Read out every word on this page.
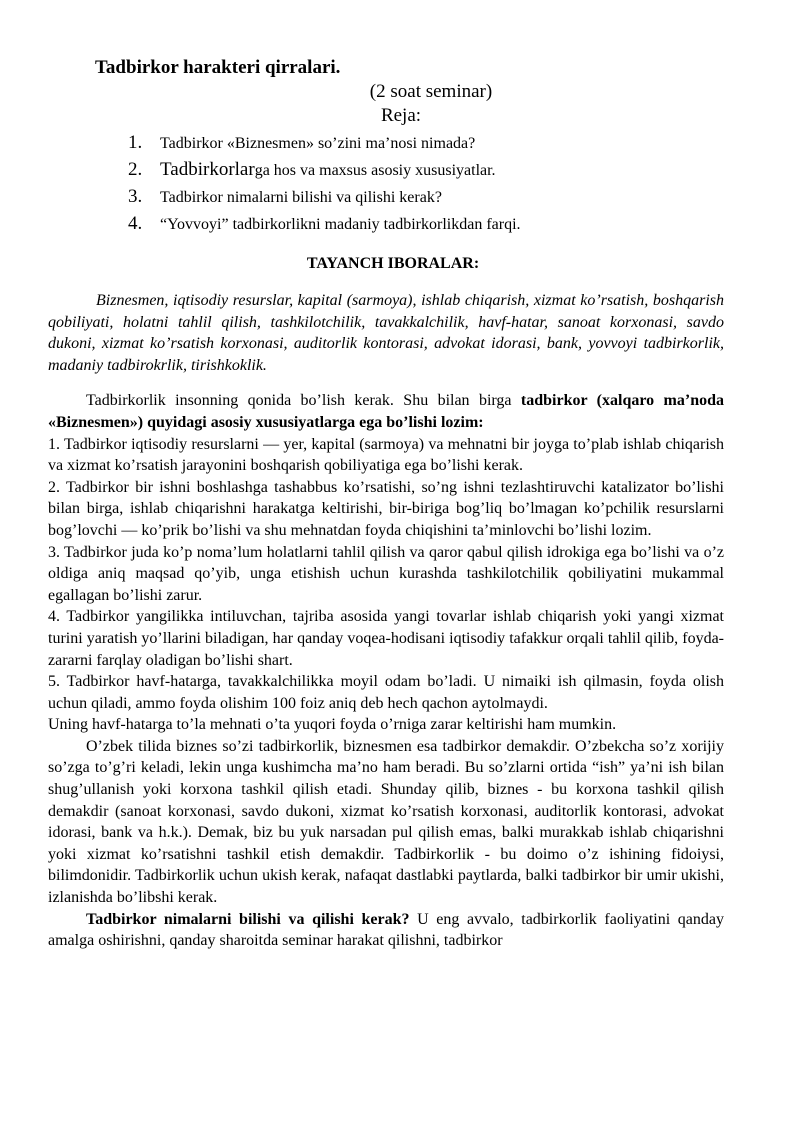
Tadbirkor harakteri qirralari.

(2 soat seminar)

Reja:

1.	Tadbirkor «Biznesmen» so’zini ma’nosi nimada?
2. Tadbirkorlarga hos va maxsus asosiy xususiyatlar.
3.	Tadbirkor nimalarni bilishi va qilishi kerak?
4.	“Yovvoyi” tadbirkorlikni madaniy tadbirkorlikdan farqi.
TAYANCH IBORALAR:

Biznesmen, iqtisodiy resurslar, kapital (sarmoya), ishlab chiqarish, xizmat ko’rsatish, boshqarish qobiliyati, holatni tahlil qilish, tashkilotchilik, tavakkalchilik, havf-hatar, sanoat korxonasi, savdo dukoni, xizmat ko’rsatish korxonasi, auditorlik kontorasi, advokat idorasi, bank, yovvoyi tadbirkorlik, madaniy tadbirokrlik, tirishkoklik.

Tadbirkorlik insonning qonida bo’lish kerak. Shu bilan birga tadbirkor (xalqaro ma’noda «Biznesmen») quyidagi asosiy xususiyatlarga ega bo’lishi lozim:

1. Tadbirkor iqtisodiy resurslarni — yer, kapital (sarmoya) va mehnatni bir joyga to’plab ishlab chiqarish va xizmat ko’rsatish jarayonini boshqarish qobiliyatiga ega bo’lishi kerak.

2. Tadbirkor bir ishni boshlashga tashabbus ko’rsatishi, so’ng ishni tezlashtiruvchi katalizator bo’lishi bilan birga, ishlab chiqarishni harakatga keltirishi, bir-biriga bog’liq bo’lmagan ko’pchilik resurslarni bog’lovchi — ko’prik bo’lishi va shu mehnatdan foyda chiqishini ta’minlovchi bo’lishi lozim.

3. Tadbirkor juda ko’p noma’lum holatlarni tahlil qilish va qaror qabul qilish idrokiga ega bo’lishi va o’z oldiga aniq maqsad qo’yib, unga etishish uchun kurashda tashkilotchilik qobiliyatini mukammal egallagan bo’lishi zarur.

4. Tadbirkor yangilikka intiluvchan, tajriba asosida yangi tovarlar ishlab chiqarish yoki yangi xizmat turini yaratish yo’llarini biladigan, har qanday voqea-hodisani iqtisodiy tafakkur orqali tahlil qilib, foyda-zararni farqlay oladigan bo’lishi shart.

5. Tadbirkor havf-hatarga, tavakkalchilikka moyil odam bo’ladi. U nimaiki ish qilmasin, foyda olish uchun qiladi, ammo foyda olishim 100 foiz aniq deb hech qachon aytolmaydi.

Uning havf-hatarga to’la mehnati o’ta yuqori foyda o’rniga zarar keltirishi ham mumkin.

O’zbek tilida biznes so’zi tadbirkorlik, biznesmen esa tadbirkor demakdir. O’zbekcha so’z xorijiy so’zga to’g’ri keladi, lekin unga kushimcha ma’no ham beradi. Bu so’zlarni ortida “ish” ya’ni ish bilan shug’ullanish yoki korxona tashkil qilish etadi. Shunday qilib, biznes - bu korxona tashkil qilish demakdir (sanoat korxonasi, savdo dukoni, xizmat ko’rsatish korxonasi, auditorlik kontorasi, advokat idorasi, bank va h.k.). Demak, biz bu yuk narsadan pul qilish emas, balki murakkab ishlab chiqarishni yoki xizmat ko’rsatishni tashkil etish demakdir. Tadbirkorlik - bu doimo o’z ishining fidoiysi, bilimdonidir. Tadbirkorlik uchun ukish kerak, nafaqat dastlabki paytlarda, balki tadbirkor bir umir ukishi, izlanishda bo’libshi kerak.

Tadbirkor nimalarni bilishi va qilishi kerak? U eng avvalo, tadbirkorlik faoliyatini qanday amalga oshirishni, qanday sharoitda seminar harakat qilishni, tadbirkor
